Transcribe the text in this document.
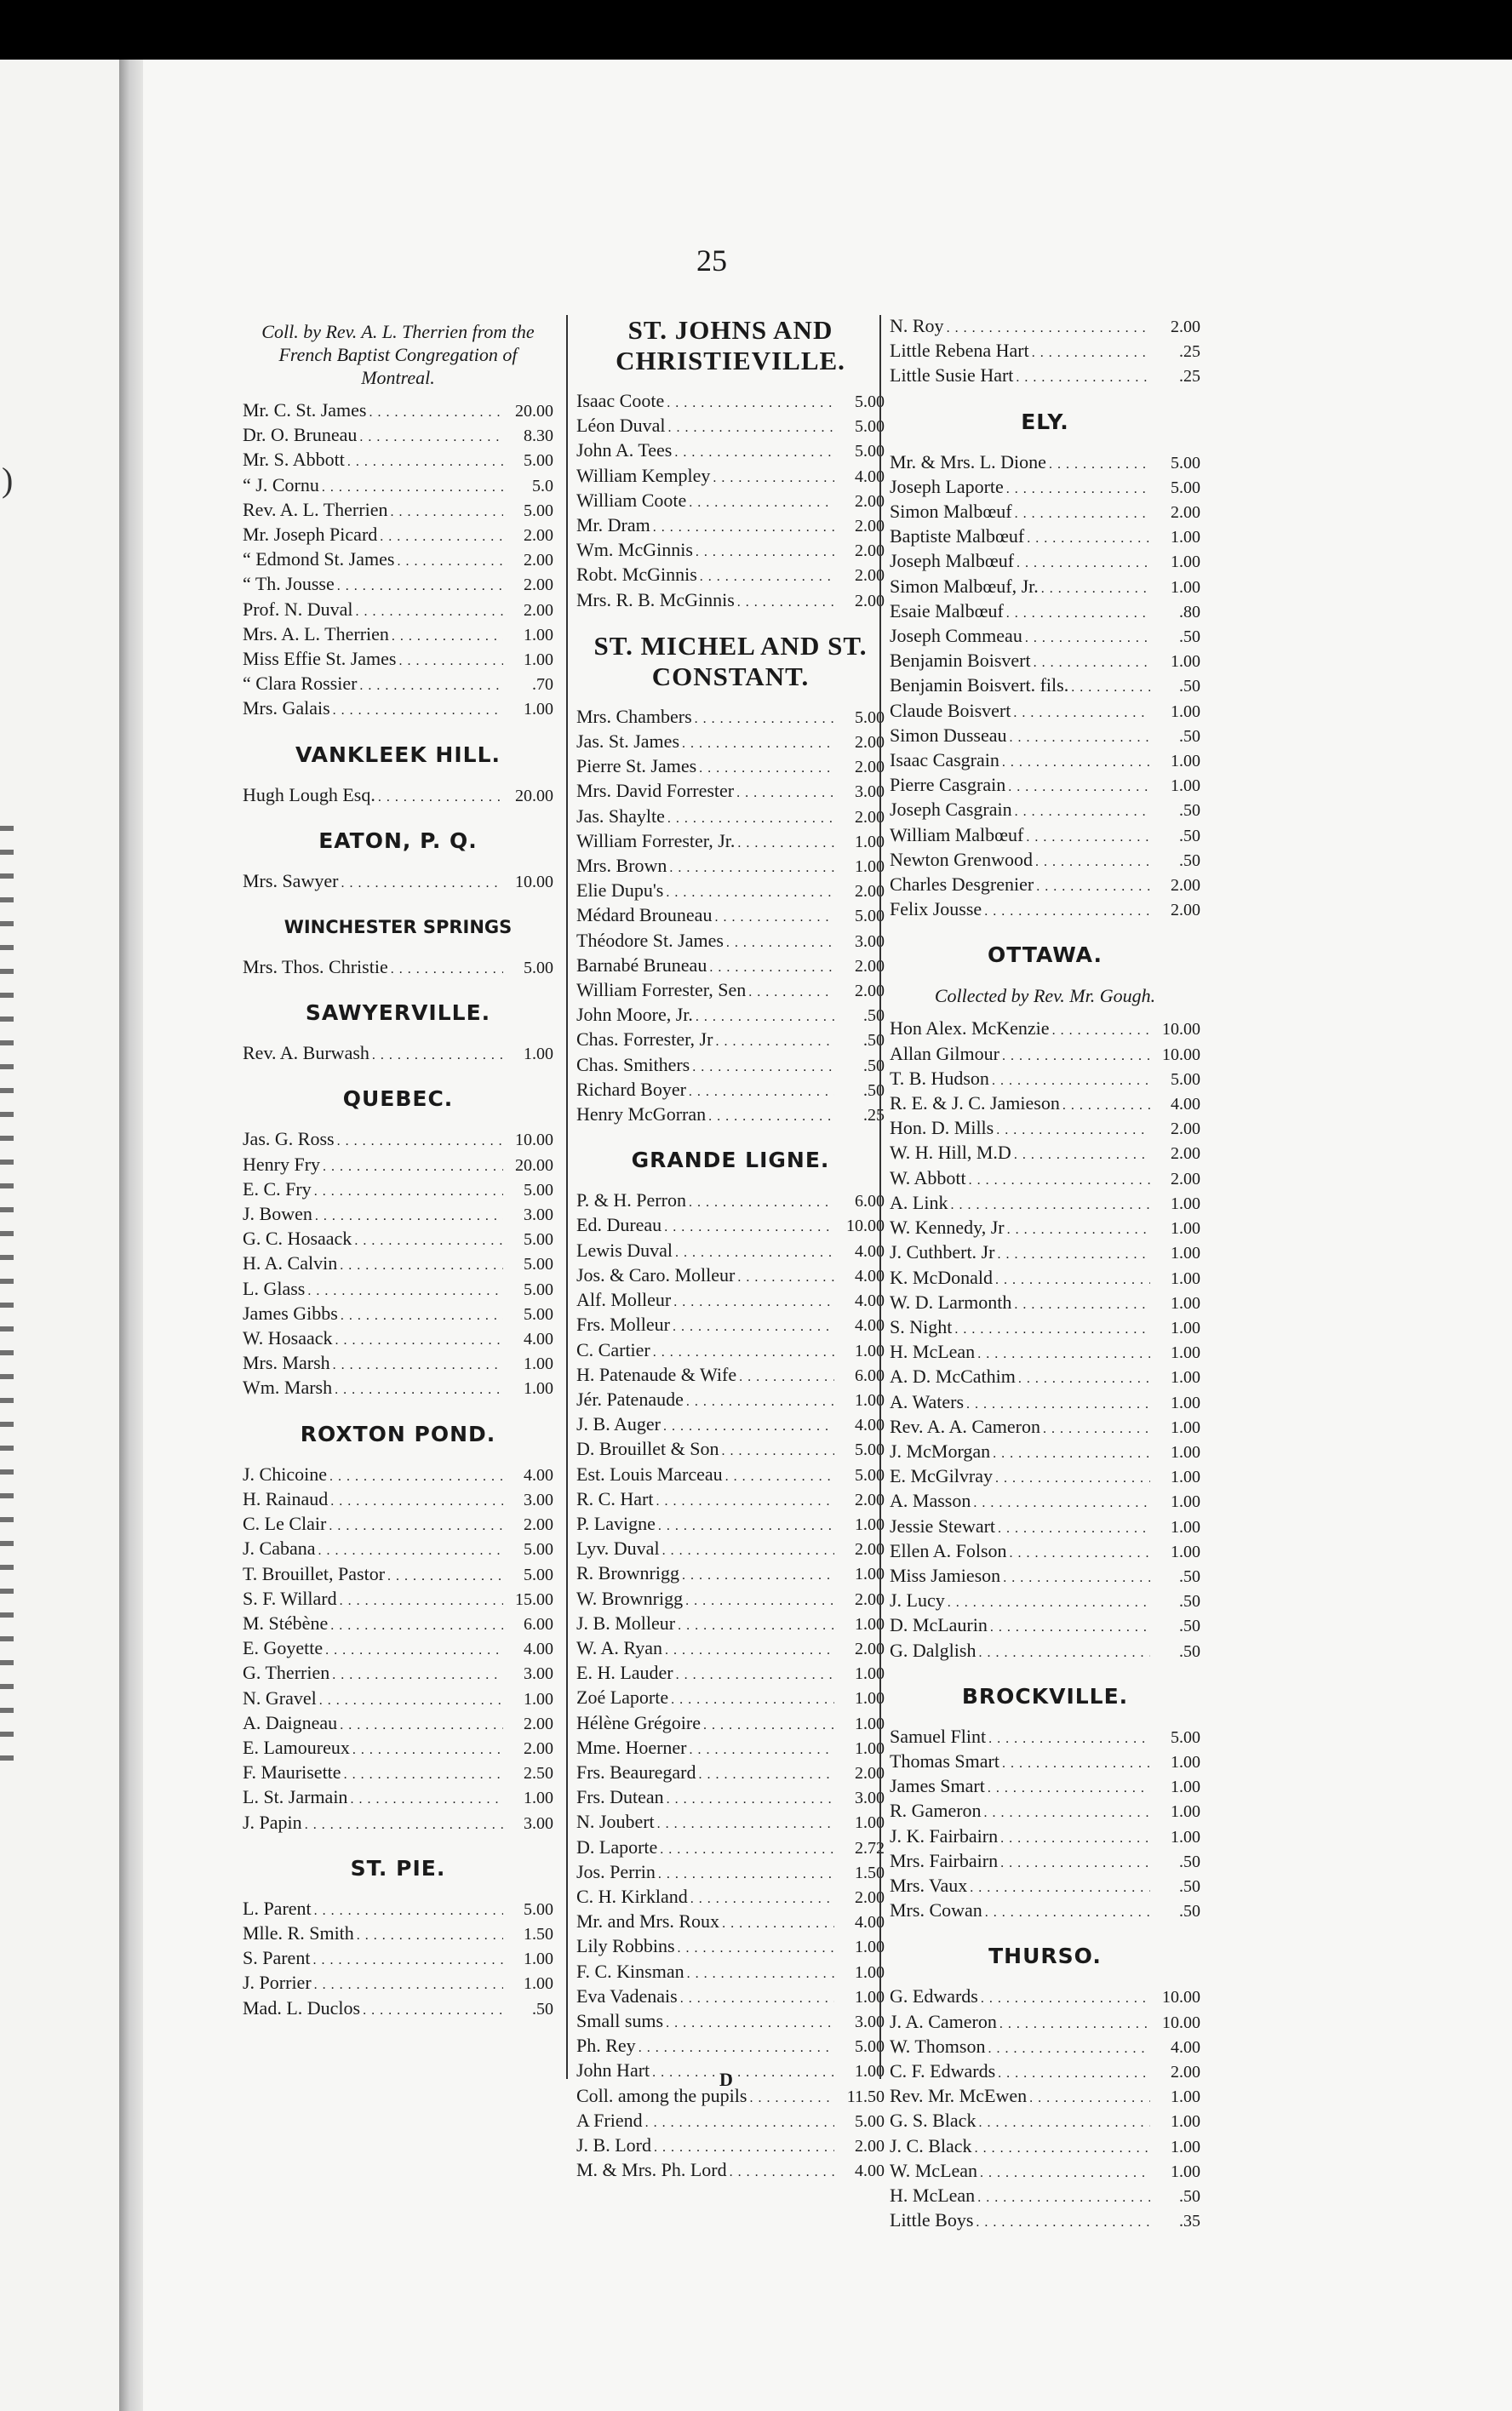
)
25
Coll. by Rev. A. L. Therrien from the French Baptist Congregation of Montreal.
Mr. C. St. James . . .	20.00
Dr. O. Bruneau . . .	8.30
Mr. S. Abbott . . .	5.00
“ J. Cornu . . .	5.0
Rev. A. L. Therrien . . .	5.00
Mr. Joseph Picard . . .	2.00
“ Edmond St. James . . .	2.00
“ Th. Jousse . . .	2.00
Prof. N. Duval . . .	2.00
Mrs. A. L. Therrien . . .	1.00
Miss Effie St. James . . .	1.00
“ Clara Rossier . . .	.70
Mrs. Galais . . .	1.00
VANKLEEK HILL.
Hugh Lough Esq. . . .	20.00
EATON, P. Q.
Mrs. Sawyer . . .	10.00
WINCHESTER SPRINGS
Mrs. Thos. Christie . . .	5.00
SAWYERVILLE.
Rev. A. Burwash . . .	1.00
QUEBEC.
Jas. G. Ross . . .	10.00
Henry Fry . . .	20.00
E. C. Fry . . .	5.00
J. Bowen . . .	3.00
G. C. Hosaack . . .	5.00
H. A. Calvin . . .	5.00
L. Glass . . .	5.00
James Gibbs . . .	5.00
W. Hosaack . . .	4.00
Mrs. Marsh . . .	1.00
Wm. Marsh . . .	1.00
ROXTON POND.
J. Chicoine . . .	4.00
H. Rainaud . . .	3.00
C. Le Clair . . .	2.00
J. Cabana . . .	5.00
T. Brouillet, Pastor . . .	5.00
S. F. Willard . . .	15.00
M. Stébène . . .	6.00
E. Goyette . . .	4.00
G. Therrien . . .	3.00
N. Gravel . . .	1.00
A. Daigneau . . .	2.00
E. Lamoureux . . .	2.00
F. Maurisette . . .	2.50
L. St. Jarmain . . .	1.00
J. Papin . . .	3.00
ST. PIE.
L. Parent . . .	5.00
Mlle. R. Smith . . .	1.50
S. Parent . . .	1.00
J. Porrier . . .	1.00
Mad. L. Duclos . . .	.50
ST. JOHNS AND CHRISTIEVILLE.
Isaac Coote . . .	5.00
Léon Duval . . .	5.00
John A. Tees . . .	5.00
William Kempley . . .	4.00
William Coote . . .	2.00
Mr. Dram . . .	2.00
Wm. McGinnis . . .	2.00
Robt. McGinnis . . .	2.00
Mrs. R. B. McGinnis . . .	2.00
ST. MICHEL AND ST. CONSTANT.
Mrs. Chambers . . .	5.00
Jas. St. James . . .	2.00
Pierre St. James . . .	2.00
Mrs. David Forrester . . .	3.00
Jas. Shaylte . . .	2.00
William Forrester, Jr. . . .	1.00
Mrs. Brown . . .	1.00
Elie Dupu's . . .	2.00
Médard Brouneau . . .	5.00
Théodore St. James . . .	3.00
Barnabé Bruneau . . .	2.00
William Forrester, Sen . . .	2.00
John Moore, Jr. . . .	.50
Chas. Forrester, Jr . . .	.50
Chas. Smithers . . .	.50
Richard Boyer . . .	.50
Henry McGorran . . .	.25
GRANDE LIGNE.
P. & H. Perron . . .	6.00
Ed. Dureau . . .	10.00
Lewis Duval . . .	4.00
Jos. & Caro. Molleur . . .	4.00
Alf. Molleur . . .	4.00
Frs. Molleur . . .	4.00
C. Cartier . . .	1.00
H. Patenaude & Wife . . .	6.00
Jér. Patenaude . . .	1.00
J. B. Auger . . .	4.00
D. Brouillet & Son . . .	5.00
Est. Louis Marceau . . .	5.00
R. C. Hart . . .	2.00
P. Lavigne . . .	1.00
Lyv. Duval . . .	2.00
R. Brownrigg . . .	1.00
W. Brownrigg . . .	2.00
J. B. Molleur . . .	1.00
W. A. Ryan . . .	2.00
E. H. Lauder . . .	1.00
Zoé Laporte . . .	1.00
Hélène Grégoire . . .	1.00
Mme. Hoerner . . .	1.00
Frs. Beauregard . . .	2.00
Frs. Dutean . . .	3.00
N. Joubert . . .	1.00
D. Laporte . . .	2.72
Jos. Perrin . . .	1.50
C. H. Kirkland . . .	2.00
Mr. and Mrs. Roux . . .	4.00
Lily Robbins . . .	1.00
F. C. Kinsman . . .	1.00
Eva Vadenais . . .	1.00
Small sums . . .	3.00
Ph. Rey . . .	5.00
John Hart . . .	1.00
Coll. among the pupils . . .	11.50
A Friend . . .	5.00
J. B. Lord . . .	2.00
M. & Mrs. Ph. Lord . . .	4.00
N. Roy . . .	2.00
Little Rebena Hart . . .	.25
Little Susie Hart . . .	.25
ELY.
Mr. & Mrs. L. Dione . . .	5.00
Joseph Laporte . . .	5.00
Simon Malbœuf . . .	2.00
Baptiste Malbœuf . . .	1.00
Joseph Malbœuf . . .	1.00
Simon Malbœuf, Jr. . . .	1.00
Esaie Malbœuf . . .	.80
Joseph Commeau . . .	.50
Benjamin Boisvert . . .	1.00
Benjamin Boisvert. fils. . . .	.50
Claude Boisvert . . .	1.00
Simon Dusseau . . .	.50
Isaac Casgrain . . .	1.00
Pierre Casgrain . . .	1.00
Joseph Casgrain . . .	.50
William Malbœuf . . .	.50
Newton Grenwood . . .	.50
Charles Desgrenier . . .	2.00
Felix Jousse . . .	2.00
OTTAWA.
Collected by Rev. Mr. Gough.
Hon Alex. McKenzie . . .	10.00
Allan Gilmour . . .	10.00
T. B. Hudson . . .	5.00
R. E. & J. C. Jamieson . . .	4.00
Hon. D. Mills . . .	2.00
W. H. Hill, M.D . . .	2.00
W. Abbott . . .	2.00
A. Link . . .	1.00
W. Kennedy, Jr . . .	1.00
J. Cuthbert. Jr . . .	1.00
K. McDonald . . .	1.00
W. D. Larmonth . . .	1.00
S. Night . . .	1.00
H. McLean . . .	1.00
A. D. McCathim . . .	1.00
A. Waters . . .	1.00
Rev. A. A. Cameron . . .	1.00
J. McMorgan . . .	1.00
E. McGilvray . . .	1.00
A. Masson . . .	1.00
Jessie Stewart . . .	1.00
Ellen A. Folson . . .	1.00
Miss Jamieson . . .	.50
J. Lucy . . .	.50
D. McLaurin . . .	.50
G. Dalglish . . .	.50
BROCKVILLE.
Samuel Flint . . .	5.00
Thomas Smart . . .	1.00
James Smart . . .	1.00
R. Gameron . . .	1.00
J. K. Fairbairn . . .	1.00
Mrs. Fairbairn . . .	.50
Mrs. Vaux . . .	.50
Mrs. Cowan . . .	.50
THURSO.
G. Edwards . . .	10.00
J. A. Cameron . . .	10.00
W. Thomson . . .	4.00
C. F. Edwards . . .	2.00
Rev. Mr. McEwen . . .	1.00
G. S. Black . . .	1.00
J. C. Black . . .	1.00
W. McLean . . .	1.00
H. McLean . . .	.50
Little Boys . . .	.35
D
